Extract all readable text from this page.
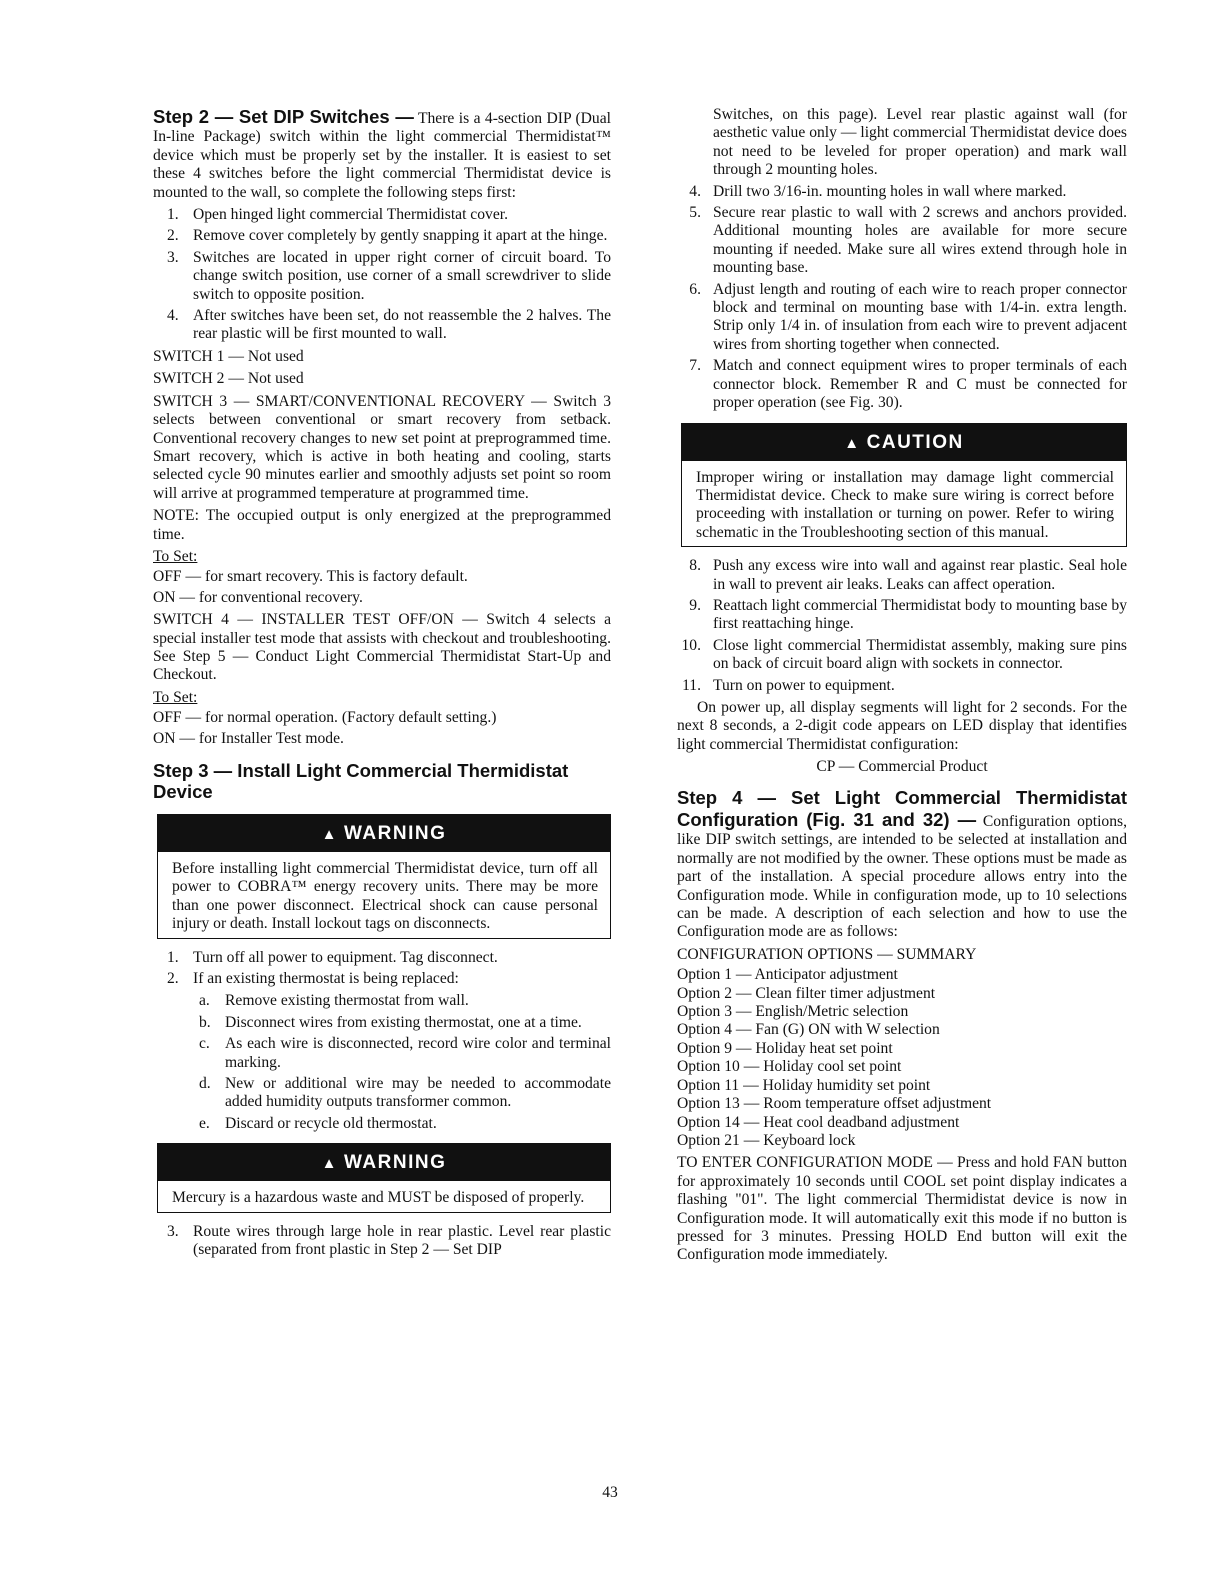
Step 2 — Set DIP Switches — There is a 4-section DIP (Dual In-line Package) switch within the light commercial Thermidistat™ device which must be properly set by the installer. It is easiest to set these 4 switches before the light commercial Thermidistat device is mounted to the wall, so complete the following steps first:

1. Open hinged light commercial Thermidistat cover.
2. Remove cover completely by gently snapping it apart at the hinge.
3. Switches are located in upper right corner of circuit board. To change switch position, use corner of a small screwdriver to slide switch to opposite position.
4. After switches have been set, do not reassemble the 2 halves. The rear plastic will be first mounted to wall.

SWITCH 1 — Not used

SWITCH 2 — Not used

SWITCH 3 — SMART/CONVENTIONAL RECOVERY — Switch 3 selects between conventional or smart recovery from setback. Conventional recovery changes to new set point at preprogrammed time. Smart recovery, which is active in both heating and cooling, starts selected cycle 90 minutes earlier and smoothly adjusts set point so room will arrive at programmed temperature at programmed time.

NOTE: The occupied output is only energized at the preprogrammed time.

To Set:

OFF — for smart recovery. This is factory default.

ON — for conventional recovery.

SWITCH 4 — INSTALLER TEST OFF/ON — Switch 4 selects a special installer test mode that assists with checkout and troubleshooting. See Step 5 — Conduct Light Commercial Thermidistat Start-Up and Checkout.

To Set:

OFF — for normal operation. (Factory default setting.)

ON — for Installer Test mode.

Step 3 — Install Light Commercial Thermidistat Device
▲ WARNING
Before installing light commercial Thermidistat device, turn off all power to COBRA™ energy recovery units. There may be more than one power disconnect. Electrical shock can cause personal injury or death. Install lockout tags on disconnects.
1. Turn off all power to equipment. Tag disconnect.
2. If an existing thermostat is being replaced:
a. Remove existing thermostat from wall.
b. Disconnect wires from existing thermostat, one at a time.
c. As each wire is disconnected, record wire color and terminal marking.
d. New or additional wire may be needed to accommodate added humidity outputs transformer common.
e. Discard or recycle old thermostat.
▲ WARNING
Mercury is a hazardous waste and MUST be disposed of properly.
3. Route wires through large hole in rear plastic. Level rear plastic (separated from front plastic in Step 2 — Set DIP
Switches, on this page). Level rear plastic against wall (for aesthetic value only — light commercial Thermidistat device does not need to be leveled for proper operation) and mark wall through 2 mounting holes.
4. Drill two 3/16-in. mounting holes in wall where marked.
5. Secure rear plastic to wall with 2 screws and anchors provided. Additional mounting holes are available for more secure mounting if needed. Make sure all wires extend through hole in mounting base.
6. Adjust length and routing of each wire to reach proper connector block and terminal on mounting base with 1/4-in. extra length. Strip only 1/4 in. of insulation from each wire to prevent adjacent wires from shorting together when connected.
7. Match and connect equipment wires to proper terminals of each connector block. Remember R and C must be connected for proper operation (see Fig. 30).
▲ CAUTION
Improper wiring or installation may damage light commercial Thermidistat device. Check to make sure wiring is correct before proceeding with installation or turning on power. Refer to wiring schematic in the Troubleshooting section of this manual.
8. Push any excess wire into wall and against rear plastic. Seal hole in wall to prevent air leaks. Leaks can affect operation.
9. Reattach light commercial Thermidistat body to mounting base by first reattaching hinge.
10. Close light commercial Thermidistat assembly, making sure pins on back of circuit board align with sockets in connector.
11. Turn on power to equipment.

On power up, all display segments will light for 2 seconds. For the next 8 seconds, a 2-digit code appears on LED display that identifies light commercial Thermidistat configuration:

CP — Commercial Product

Step 4 — Set Light Commercial Thermidistat Configuration (Fig. 31 and 32) — Configuration options, like DIP switch settings, are intended to be selected at installation and normally are not modified by the owner. These options must be made as part of the installation. A special procedure allows entry into the Configuration mode. While in configuration mode, up to 10 selections can be made. A description of each selection and how to use the Configuration mode are as follows:

CONFIGURATION OPTIONS — SUMMARY

Option 1 — Anticipator adjustment
Option 2 — Clean filter timer adjustment
Option 3 — English/Metric selection
Option 4 — Fan (G) ON with W selection
Option 9 — Holiday heat set point
Option 10 — Holiday cool set point
Option 11 — Holiday humidity set point
Option 13 — Room temperature offset adjustment
Option 14 — Heat cool deadband adjustment
Option 21 — Keyboard lock

TO ENTER CONFIGURATION MODE — Press and hold FAN button for approximately 10 seconds until COOL set point display indicates a flashing "01". The light commercial Thermidistat device is now in Configuration mode. It will automatically exit this mode if no button is pressed for 3 minutes. Pressing HOLD End button will exit the Configuration mode immediately.

43
